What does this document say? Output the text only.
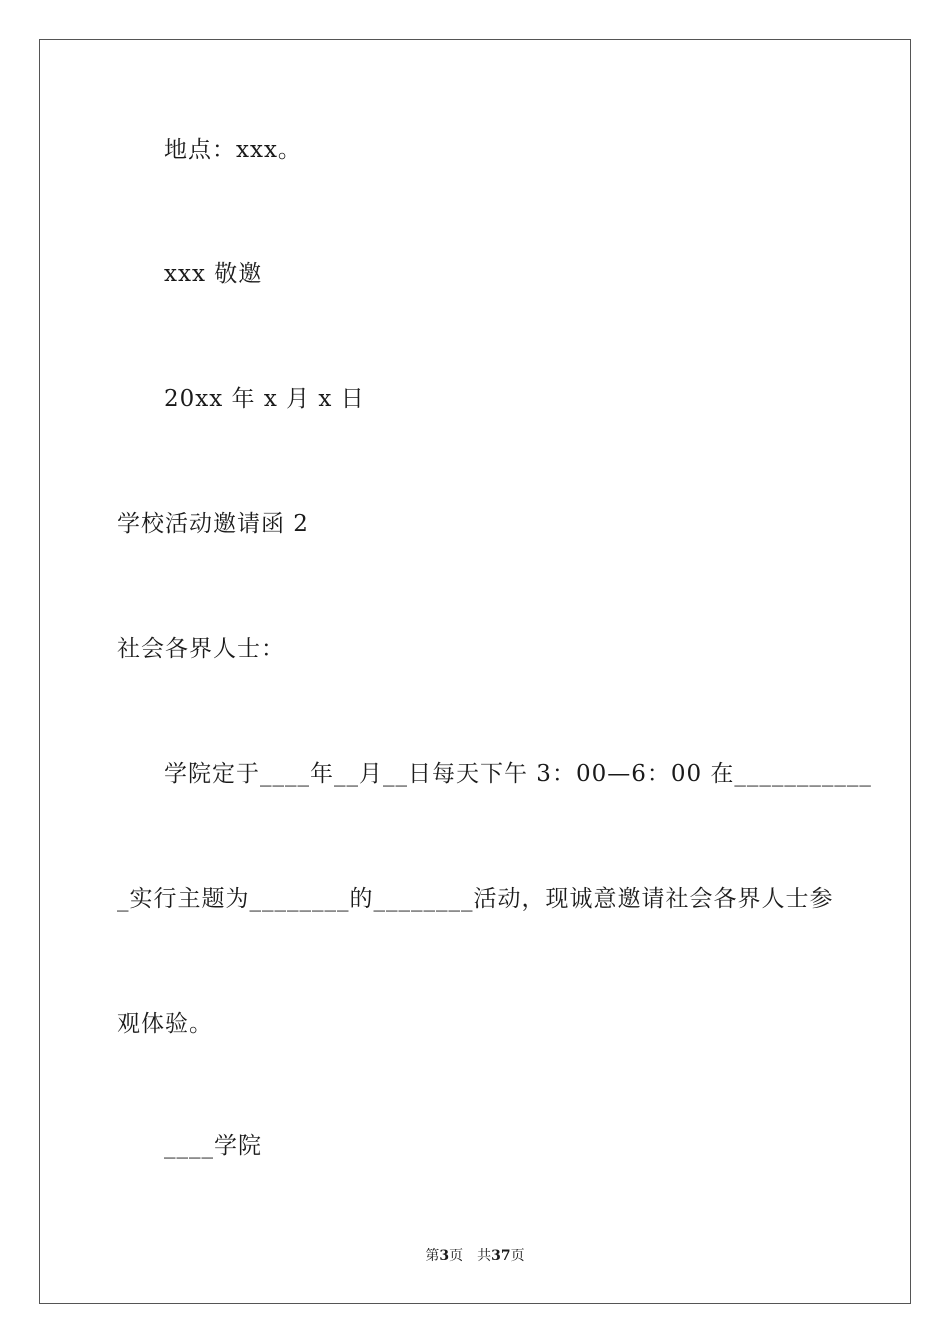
地点：xxx。
xxx 敬邀
20xx 年 x 月 x 日
学校活动邀请函 2
社会各界人士：
学院定于____年__月__日每天下午 3：00—6：00 在___________
_实行主题为________的________活动，现诚意邀请社会各界人士参
观体验。
____学院
第3页 共37页
